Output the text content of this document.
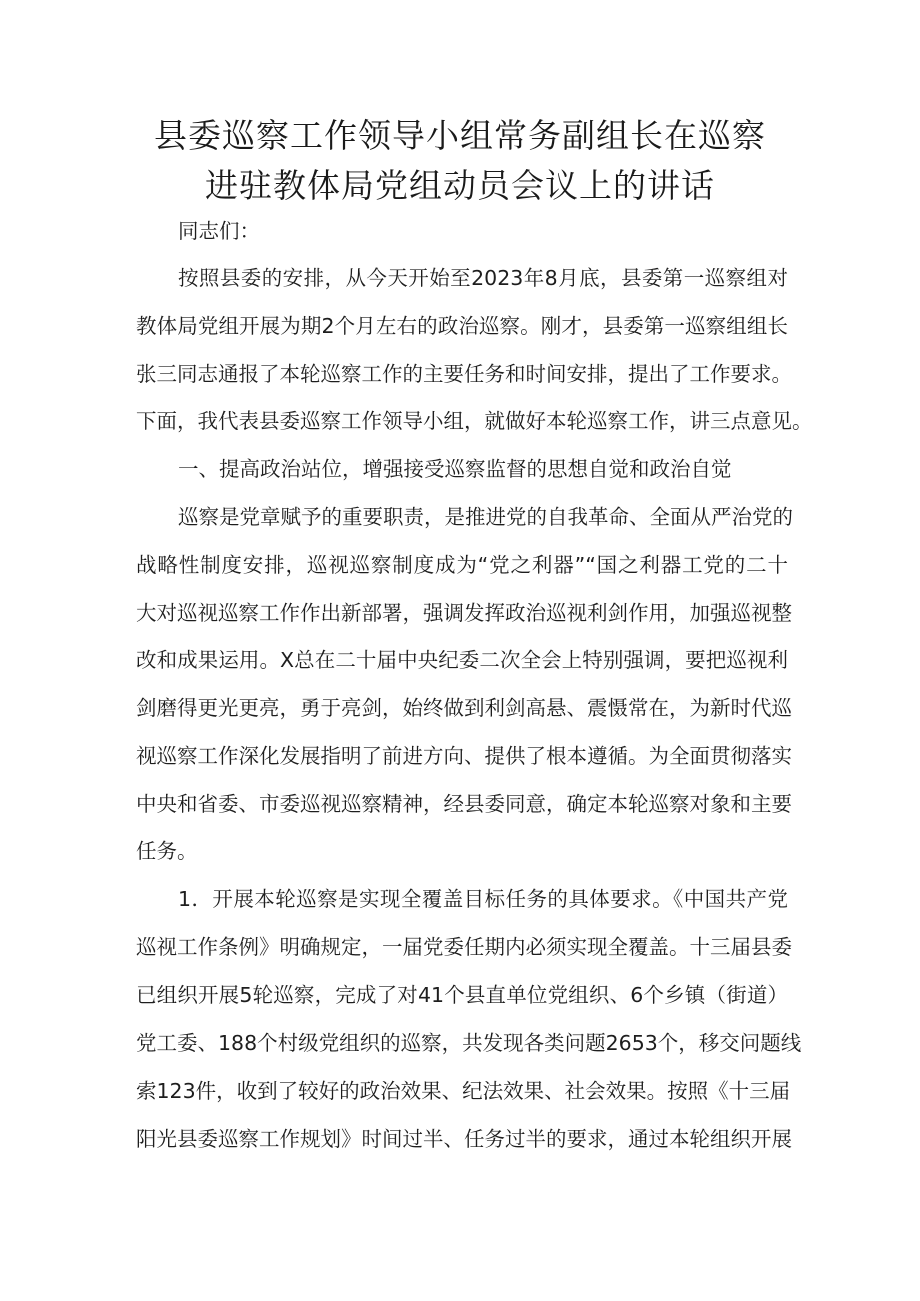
县委巡察工作领导小组常务副组长在巡察
进驻教体局党组动员会议上的讲话
同志们：
按照县委的安排，从今天开始至2023年8月底，县委第一巡察组对
教体局党组开展为期2个月左右的政治巡察。刚才，县委第一巡察组组长
张三同志通报了本轮巡察工作的主要任务和时间安排，提出了工作要求。
下面，我代表县委巡察工作领导小组，就做好本轮巡察工作，讲三点意见。
一、提高政治站位，增强接受巡察监督的思想自觉和政治自觉
巡察是党章赋予的重要职责，是推进党的自我革命、全面从严治党的
战略性制度安排，巡视巡察制度成为“党之利器”“国之利器工党的二十
大对巡视巡察工作作出新部署，强调发挥政治巡视利剑作用，加强巡视整
改和成果运用。X总在二十届中央纪委二次全会上特别强调，要把巡视利
剑磨得更光更亮，勇于亮剑，始终做到利剑高悬、震慑常在，为新时代巡
视巡察工作深化发展指明了前进方向、提供了根本遵循。为全面贯彻落实
中央和省委、市委巡视巡察精神，经县委同意，确定本轮巡察对象和主要
任务。
1．开展本轮巡察是实现全覆盖目标任务的具体要求。《中国共产党
巡视工作条例》明确规定，一届党委任期内必须实现全覆盖。十三届县委
已组织开展5轮巡察，完成了对41个县直单位党组织、6个乡镇（街道）
党工委、188个村级党组织的巡察，共发现各类问题2653个，移交问题线
索123件，收到了较好的政治效果、纪法效果、社会效果。按照《十三届
阳光县委巡察工作规划》时间过半、任务过半的要求，通过本轮组织开展
